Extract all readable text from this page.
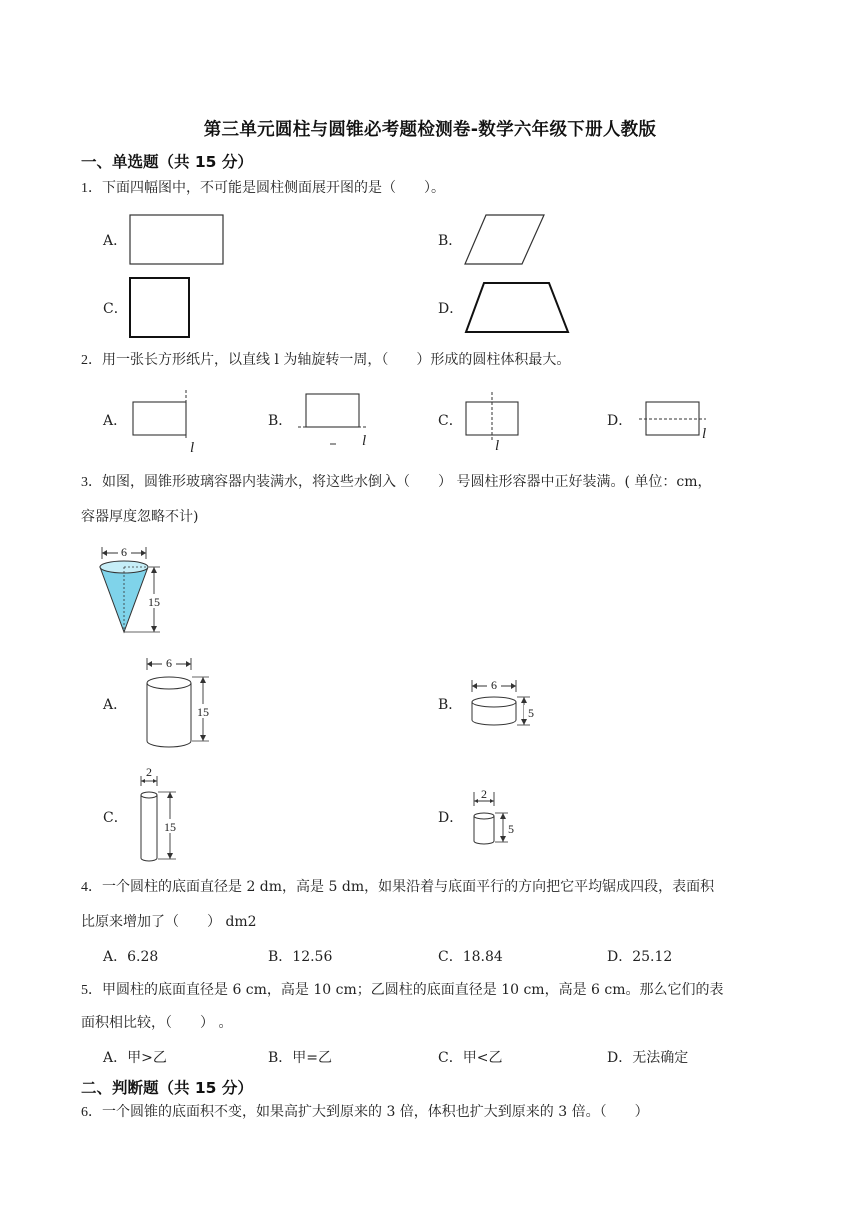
第三单元圆柱与圆锥必考题检测卷-数学六年级下册人教版
一、单选题（共 15 分）
1．下面四幅图中，不可能是圆柱侧面展开图的是（　　）。
A．	B．
C．	D．
2．用一张长方形纸片，以直线 l 为轴旋转一周，（　　）形成的圆柱体积最大。
A．
l
B．
l
C．
l
D．
l
3．如图，圆锥形玻璃容器内装满水，将这些水倒入（　　） 号圆柱形容器中正好装满。( 单位：cm，
容器厚度忽略不计)
6
15
A．
6
15	B．
6
5
C．
2
15
D．
2
5
4．一个圆柱的底面直径是 2 dm，高是 5 dm，如果沿着与底面平行的方向把它平均锯成四段，表面积
比原来增加了（　　） dm2
A．6.28	B．12.56	C．18.84	D．25.12
5．甲圆柱的底面直径是 6 cm，高是 10 cm；乙圆柱的底面直径是 10 cm，高是 6 cm。那么它们的表
面积相比较，（　　） 。
A．甲>乙	B．甲=乙	C．甲<乙	D．无法确定
二、判断题（共 15 分）
6．一个圆锥的底面积不变，如果高扩大到原来的 3 倍，体积也扩大到原来的 3 倍。（　　）
